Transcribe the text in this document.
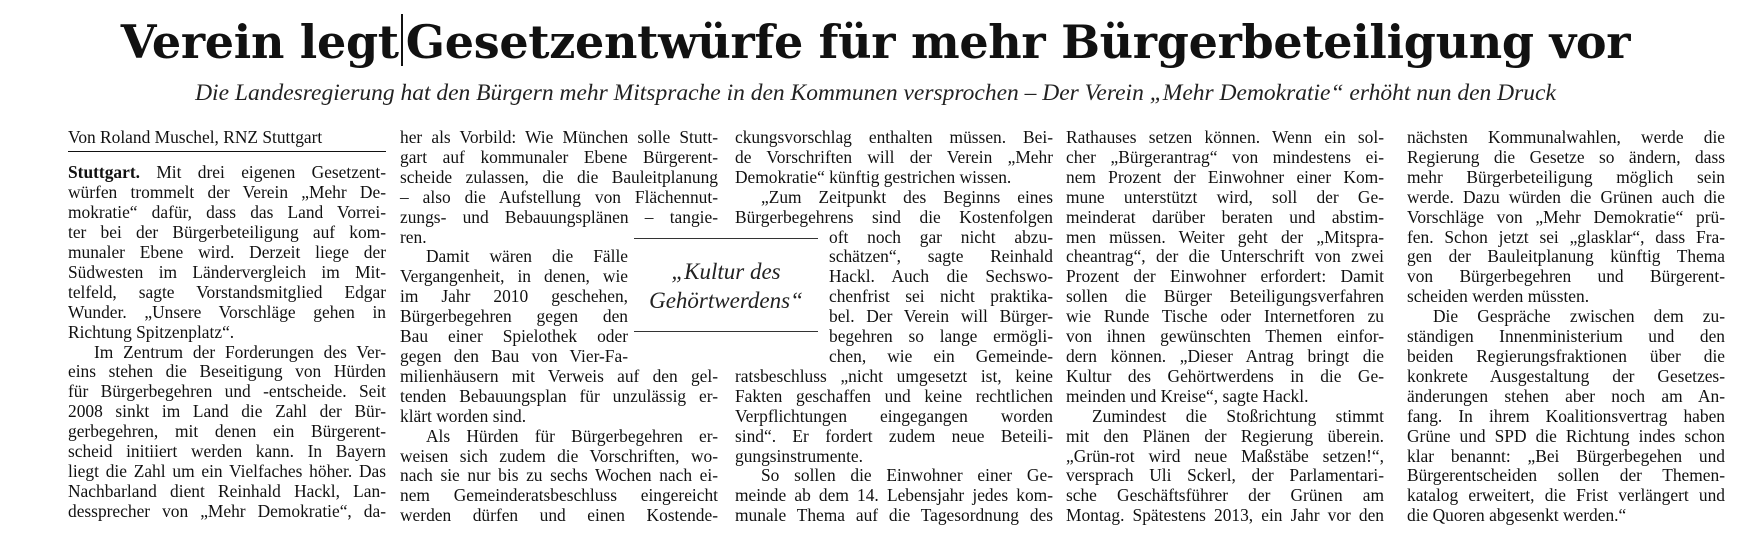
Verein legt Gesetzentwürfe für mehr Bürgerbeteiligung vor
Die Landesregierung hat den Bürgern mehr Mitsprache in den Kommunen versprochen – Der Verein „Mehr Demokratie“ erhöht nun den Druck
Von Roland Muschel, RNZ Stuttgart
Stuttgart. Mit drei eigenen Gesetzent-
würfen trommelt der Verein „Mehr De-
mokratie“ dafür, dass das Land Vorrei-
ter bei der Bürgerbeteiligung auf kom-
munaler Ebene wird. Derzeit liege der
Südwesten im Ländervergleich im Mit-
telfeld, sagte Vorstandsmitglied Edgar
Wunder. „Unsere Vorschläge gehen in
Richtung Spitzenplatz“.
Im Zentrum der Forderungen des Ver-
eins stehen die Beseitigung von Hürden
für Bürgerbegehren und -entscheide. Seit
2008 sinkt im Land die Zahl der Bür-
gerbegehren, mit denen ein Bürgerent-
scheid initiiert werden kann. In Bayern
liegt die Zahl um ein Vielfaches höher. Das
Nachbarland dient Reinhald Hackl, Lan-
dessprecher von „Mehr Demokratie“, da-
her als Vorbild: Wie München solle Stutt-
gart auf kommunaler Ebene Bürgerent-
scheide zulassen, die die Bauleitplanung
– also die Aufstellung von Flächennut-
zungs- und Bebauungsplänen – tangie-
ren.
Damit wären die Fälle
Vergangenheit, in denen, wie
im Jahr 2010 geschehen,
Bürgerbegehren gegen den
Bau einer Spielothek oder
gegen den Bau von Vier-Fa-
milienhäusern mit Verweis auf den gel-
tenden Bebauungsplan für unzulässig er-
klärt worden sind.
Als Hürden für Bürgerbegehren er-
weisen sich zudem die Vorschriften, wo-
nach sie nur bis zu sechs Wochen nach ei-
nem Gemeinderatsbeschluss eingereicht
werden dürfen und einen Kostende-
„Kultur des
Gehörtwerdens“
ckungsvorschlag enthalten müssen. Bei-
de Vorschriften will der Verein „Mehr
Demokratie“ künftig gestrichen wissen.
„Zum Zeitpunkt des Beginns eines
Bürgerbegehrens sind die Kostenfolgen
oft noch gar nicht abzu-
schätzen“, sagte Reinhald
Hackl. Auch die Sechswo-
chenfrist sei nicht praktika-
bel. Der Verein will Bürger-
begehren so lange ermögli-
chen, wie ein Gemeinde-
ratsbeschluss „nicht umgesetzt ist, keine
Fakten geschaffen und keine rechtlichen
Verpflichtungen eingegangen worden
sind“. Er fordert zudem neue Beteili-
gungsinstrumente.
So sollen die Einwohner einer Ge-
meinde ab dem 14. Lebensjahr jedes kom-
munale Thema auf die Tagesordnung des
Rathauses setzen können. Wenn ein sol-
cher „Bürgerantrag“ von mindestens ei-
nem Prozent der Einwohner einer Kom-
mune unterstützt wird, soll der Ge-
meinderat darüber beraten und abstim-
men müssen. Weiter geht der „Mitspra-
cheantrag“, der die Unterschrift von zwei
Prozent der Einwohner erfordert: Damit
sollen die Bürger Beteiligungsverfahren
wie Runde Tische oder Internetforen zu
von ihnen gewünschten Themen einfor-
dern können. „Dieser Antrag bringt die
Kultur des Gehörtwerdens in die Ge-
meinden und Kreise“, sagte Hackl.
Zumindest die Stoßrichtung stimmt
mit den Plänen der Regierung überein.
„Grün-rot wird neue Maßstäbe setzen!“,
versprach Uli Sckerl, der Parlamentari-
sche Geschäftsführer der Grünen am
Montag. Spätestens 2013, ein Jahr vor den
nächsten Kommunalwahlen, werde die
Regierung die Gesetze so ändern, dass
mehr Bürgerbeteiligung möglich sein
werde. Dazu würden die Grünen auch die
Vorschläge von „Mehr Demokratie“ prü-
fen. Schon jetzt sei „glasklar“, dass Fra-
gen der Bauleitplanung künftig Thema
von Bürgerbegehren und Bürgerent-
scheiden werden müssten.
Die Gespräche zwischen dem zu-
ständigen Innenministerium und den
beiden Regierungsfraktionen über die
konkrete Ausgestaltung der Gesetzes-
änderungen stehen aber noch am An-
fang. In ihrem Koalitionsvertrag haben
Grüne und SPD die Richtung indes schon
klar benannt: „Bei Bürgerbegehen und
Bürgerentscheiden sollen der Themen-
katalog erweitert, die Frist verlängert und
die Quoren abgesenkt werden.“
